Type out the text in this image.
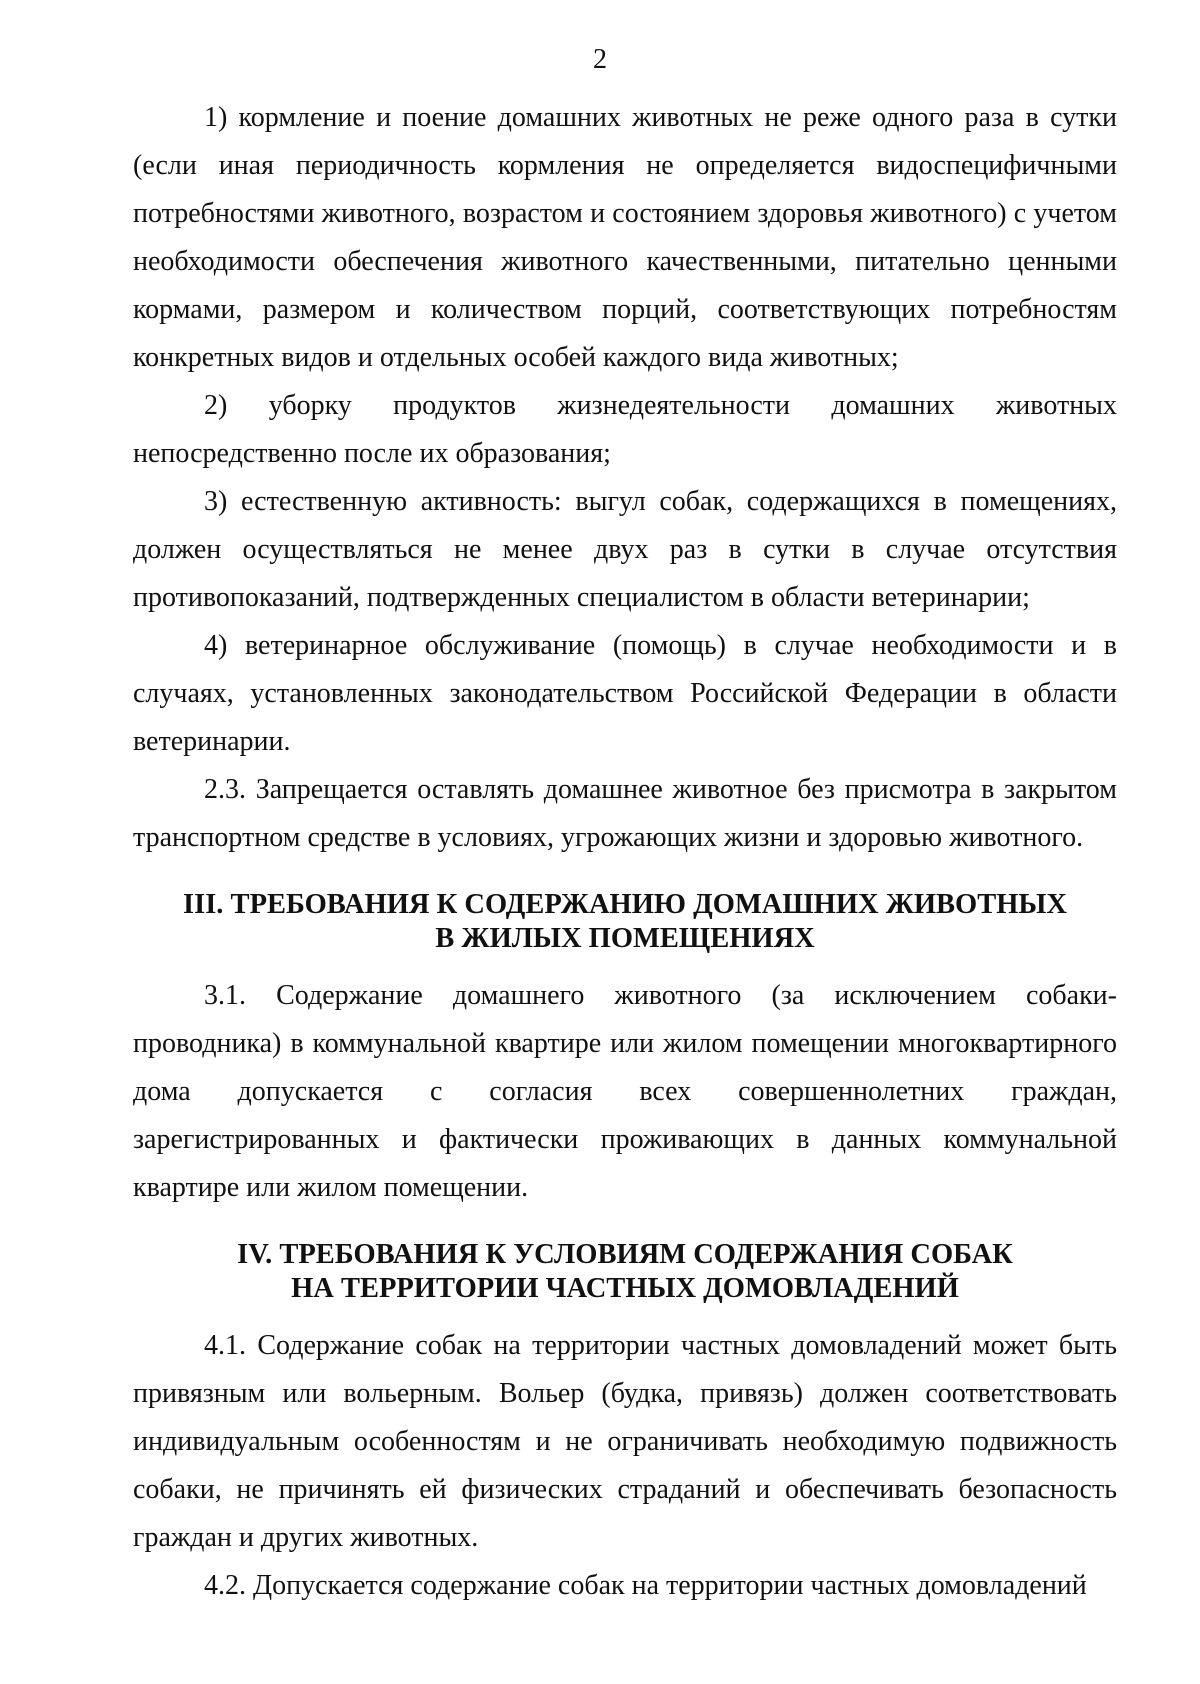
2

1) кормление и поение домашних животных не реже одного раза в сутки (если иная периодичность кормления не определяется видоспецифичными потребностями животного, возрастом и состоянием здоровья животного) с учетом необходимости обеспечения животного качественными, питательно ценными кормами, размером и количеством порций, соответствующих потребностям конкретных видов и отдельных особей каждого вида животных;

2) уборку продуктов жизнедеятельности домашних животных непосредственно после их образования;

3) естественную активность: выгул собак, содержащихся в помещениях, должен осуществляться не менее двух раз в сутки в случае отсутствия противопоказаний, подтвержденных специалистом в области ветеринарии;

4) ветеринарное обслуживание (помощь) в случае необходимости и в случаях, установленных законодательством Российской Федерации в области ветеринарии.

2.3. Запрещается оставлять домашнее животное без присмотра в закрытом транспортном средстве в условиях, угрожающих жизни и здоровью животного.

III. ТРЕБОВАНИЯ К СОДЕРЖАНИЮ ДОМАШНИХ ЖИВОТНЫХ
В ЖИЛЫХ ПОМЕЩЕНИЯХ

3.1. Содержание домашнего животного (за исключением собаки-проводника) в коммунальной квартире или жилом помещении многоквартирного дома допускается с согласия всех совершеннолетних граждан, зарегистрированных и фактически проживающих в данных коммунальной квартире или жилом помещении.

IV. ТРЕБОВАНИЯ К УСЛОВИЯМ СОДЕРЖАНИЯ СОБАК
НА ТЕРРИТОРИИ ЧАСТНЫХ ДОМОВЛАДЕНИЙ

4.1. Содержание собак на территории частных домовладений может быть привязным или вольерным. Вольер (будка, привязь) должен соответствовать индивидуальным особенностям и не ограничивать необходимую подвижность собаки, не причинять ей физических страданий и обеспечивать безопасность граждан и других животных.

4.2. Допускается содержание собак на территории частных домовладений
